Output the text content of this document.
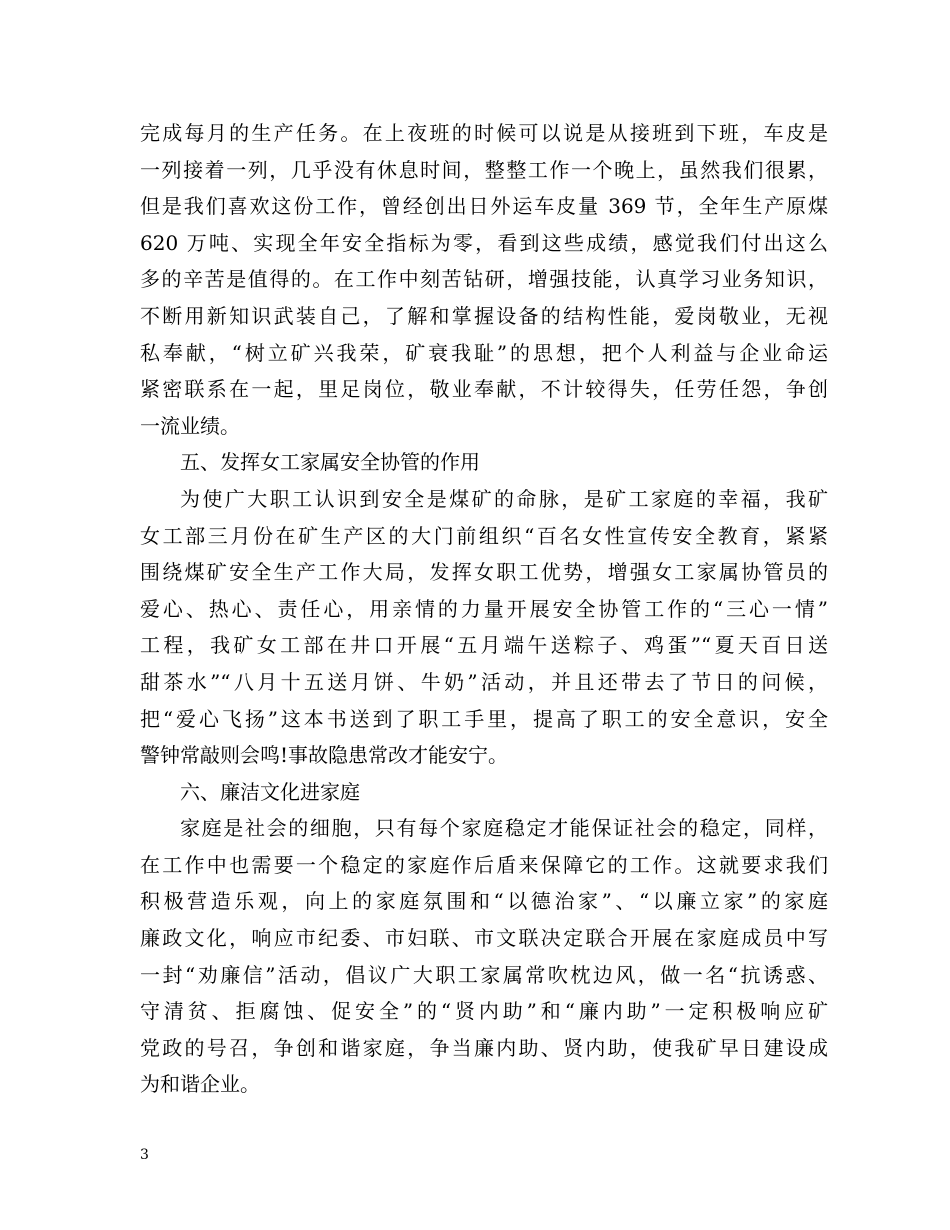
完成每月的生产任务。在上夜班的时候可以说是从接班到下班，车皮是
一列接着一列，几乎没有休息时间，整整工作一个晚上，虽然我们很累，
但是我们喜欢这份工作，曾经创出日外运车皮量 369 节，全年生产原煤
620 万吨、实现全年安全指标为零，看到这些成绩，感觉我们付出这么
多的辛苦是值得的。在工作中刻苦钻研，增强技能，认真学习业务知识，
不断用新知识武装自己，了解和掌握设备的结构性能，爱岗敬业，无视
私奉献，“树立矿兴我荣，矿衰我耻”的思想，把个人利益与企业命运
紧密联系在一起，里足岗位，敬业奉献，不计较得失，任劳任怨，争创
一流业绩。
五、发挥女工家属安全协管的作用
为使广大职工认识到安全是煤矿的命脉，是矿工家庭的幸福，我矿
女工部三月份在矿生产区的大门前组织“百名女性宣传安全教育，紧紧
围绕煤矿安全生产工作大局，发挥女职工优势，增强女工家属协管员的
爱心、热心、责任心，用亲情的力量开展安全协管工作的“三心一情”
工程，我矿女工部在井口开展“五月端午送粽子、鸡蛋”“夏天百日送
甜茶水”“八月十五送月饼、牛奶”活动，并且还带去了节日的问候，
把“爱心飞扬”这本书送到了职工手里，提高了职工的安全意识，安全
警钟常敲则会鸣!事故隐患常改才能安宁。
六、廉洁文化进家庭
家庭是社会的细胞，只有每个家庭稳定才能保证社会的稳定，同样，
在工作中也需要一个稳定的家庭作后盾来保障它的工作。这就要求我们
积极营造乐观，向上的家庭氛围和“以德治家”、“以廉立家”的家庭
廉政文化，响应市纪委、市妇联、市文联决定联合开展在家庭成员中写
一封“劝廉信”活动，倡议广大职工家属常吹枕边风，做一名“抗诱惑、
守清贫、拒腐蚀、促安全”的“贤内助”和“廉内助”一定积极响应矿
党政的号召，争创和谐家庭，争当廉内助、贤内助，使我矿早日建设成
为和谐企业。
3
